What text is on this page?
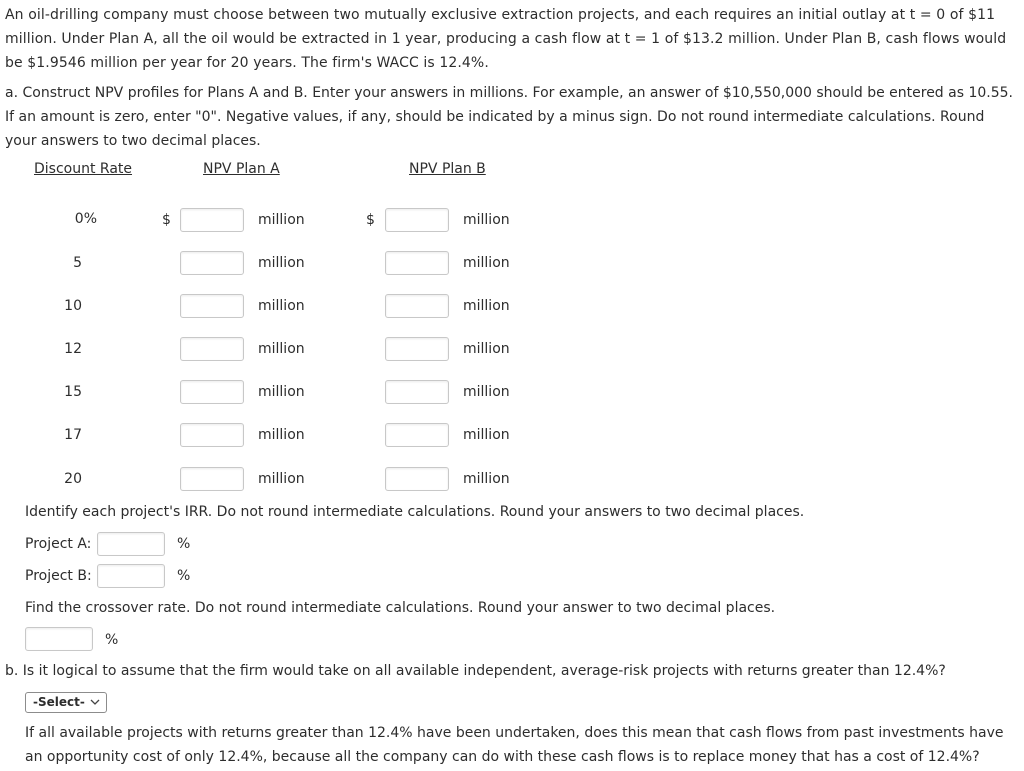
An oil-drilling company must choose between two mutually exclusive extraction projects, and each requires an initial outlay at t = 0 of $11 million. Under Plan A, all the oil would be extracted in 1 year, producing a cash flow at t = 1 of $13.2 million. Under Plan B, cash flows would be $1.9546 million per year for 20 years. The firm's WACC is 12.4%.
a. Construct NPV profiles for Plans A and B. Enter your answers in millions. For example, an answer of $10,550,000 should be entered as 10.55. If an amount is zero, enter "0". Negative values, if any, should be indicated by a minus sign. Do not round intermediate calculations. Round your answers to two decimal places.
Discount Rate	NPV Plan A	NPV Plan B
0%	$	million	$	million
5	million	million
10	million	million
12	million	million
15	million	million
17	million	million
20	million	million
Identify each project's IRR. Do not round intermediate calculations. Round your answers to two decimal places.
Project A:	%
Project B:	%
Find the crossover rate. Do not round intermediate calculations. Round your answer to two decimal places.
%
b. Is it logical to assume that the firm would take on all available independent, average-risk projects with returns greater than 12.4%?
-Select-
If all available projects with returns greater than 12.4% have been undertaken, does this mean that cash flows from past investments have an opportunity cost of only 12.4%, because all the company can do with these cash flows is to replace money that has a cost of 12.4%?
